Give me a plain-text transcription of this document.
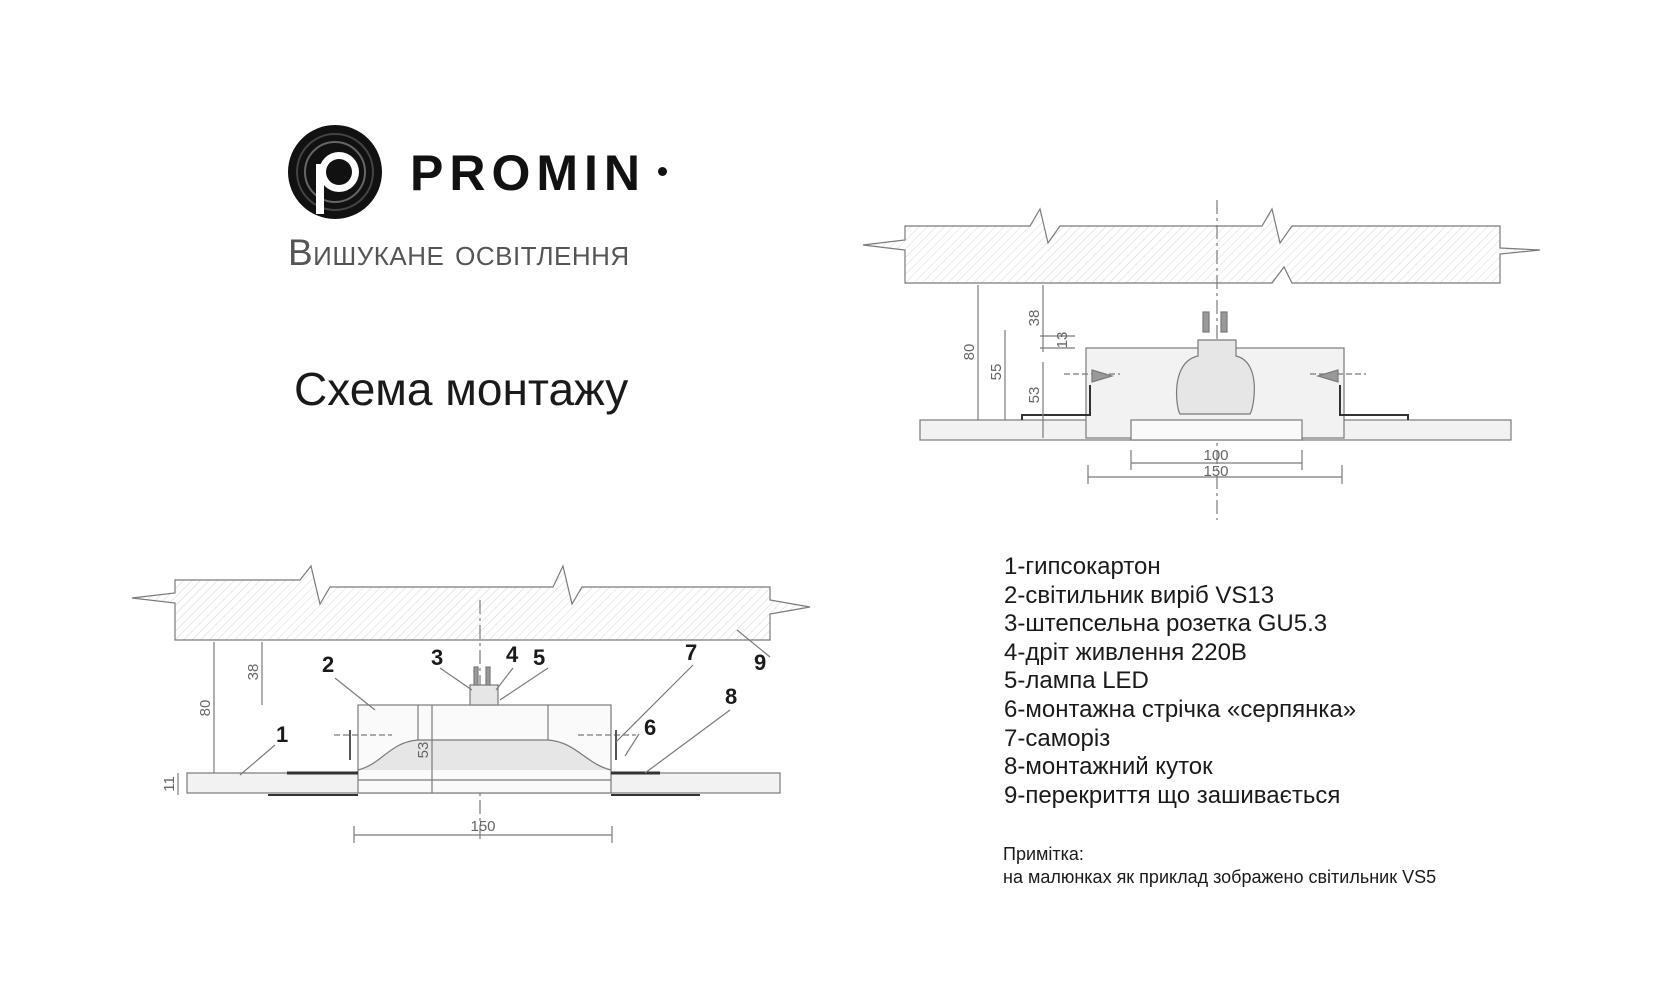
PROMIN
Вишукане освітлення
Схема монтажу
80
55
38
13
53
100
150
80
38
53
11
150
1
2	3	4 5
6
7
8
9
1-гипсокартон
2-світильник виріб VS13
3-штепсельна розетка GU5.3
4-дріт живлення 220В
5-лампа LED
6-монтажна стрічка «серпянка»
7-саморіз
8-монтажний куток
9-перекриття що зашивається
Примітка:
на малюнках як приклад зображено світильник VS5
